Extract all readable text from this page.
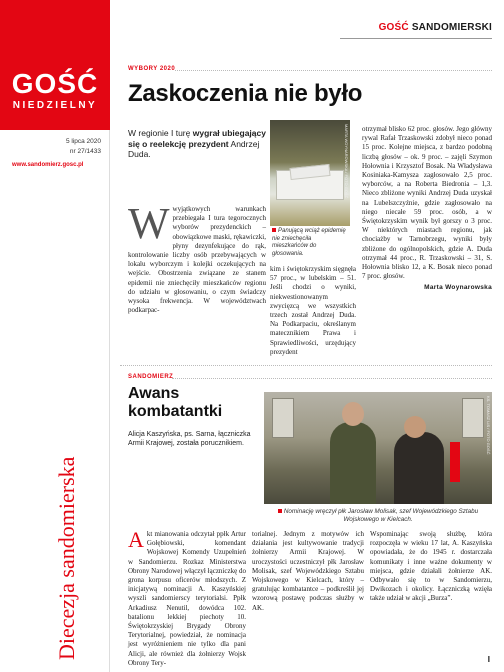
GOŚĆ
NIEDZIELNY
5 lipca 2020
nr 27/1433
www.sandomierz.gosc.pl
Diecezja sandomierska
GOŚĆ SANDOMIERSKI
WYBORY 2020
Zaskoczenia nie było

W regionie I turę wygrał ubiegający się o reelekcję prezydent Andrzej Duda.	MARTA WOYNAROWSKA / FOTO GOŚĆ

Panującą wciąż epidemię nie zniechęciła mieszkańców do głosowania.

Wwyjątkowych warunkach przebiegała I tura tegorocznych wyborów prezydenckich – obowiązkowe maski, rękawiczki, płyny dezynfekujące do rąk, kontrolowanie liczby osób przebywających w lokalu wyborczym i kolejki oczekujących na wejście. Obostrzenia związane ze stanem epidemii nie zniechęciły mieszkańców regionu do udziału w głosowaniu, o czym świadczy wysoka frekwencja. W województwach podkarpac-
kim i świętokrzyskim sięgnęła 57 proc., w lubelskim – 51. Jeśli chodzi o wyniki, niekwestionowanym zwycięzcą we wszystkich trzech został Andrzej Duda. Na Podkarpaciu, określanym matecznikiem Prawa i Sprawiedliwości, urzędujący prezydent
otrzymał blisko 62 proc. głosów. Jego główny rywal Rafał Trzaskowski zdobył nieco ponad 15 proc. Kolejne miejsca, z bardzo podobną liczbą głosów – ok. 9 proc. – zajęli Szymon Hołownia i Krzysztof Bosak. Na Władysława Kosiniaka-Kamysza zagłosowało 2,5 proc. wyborców, a na Roberta Biedronia – 1,3. Nieco zbliżone wyniki Andrzej Duda uzyskał na Lubelszczyźnie, gdzie zagłosowało na niego niecałe 59 proc. osób, a w Świętokrzyskim wynik był gorszy o 3 proc. W niektórych miastach regionu, jak chociażby w Tarnobrzegu, wyniki były zbliżone do ogólnopolskich, gdzie A. Duda otrzymał 44 proc., R. Trzaskowski – 31, S. Hołownia blisko 12, a K. Bosak nieco ponad 7 proc. głosów.
Marta Woynarowska
SANDOMIERZ
Awans kombatantki

Alicja Kaszyńska, ps. Sarna, łączniczka Armii Krajowej, została porucznikiem.	KS. TOMASZ LIS / FOTO GOŚĆ

Nominację wręczył płk Jarosław Molisak, szef Wojewódzkiego Sztabu Wojskowego w Kielcach.

Akt mianowania odczytał ppłk Artur Gołębiowski, komendant Wojskowej Komendy Uzupełnień w Sandomierzu. Rozkaz Ministerstwa Obrony Narodowej włączył łączniczkę do grona korpusu oficerów młodszych. Z inicjatywą nominacji A. Kaszyńskiej wyszli sandomierscy terytorialsi. Ppłk Arkadiusz Nenutil, dowódca 102. batalionu lekkiej piechoty 10. Świętokrzyskiej Brygady Obrony Terytorialnej, powiedział, że nominacja jest wyróżnieniem nie tylko dla pani Alicji, ale również dla żołnierzy Wojsk Obrony Tery-
torialnej. Jednym z motywów ich działania jest kultywowanie tradycji żołnierzy Armii Krajowej. W uroczystości uczestniczył płk Jarosław Molisak, szef Wojewódzkiego Sztabu Wojskowego w Kielcach, który – gratulując kombatantce – podkreślił jej wzorową postawę podczas służby w AK.
Wspominając swoją służbę, która rozpoczęła w wieku 17 lat, A. Kaszyńska opowiadała, że do 1945 r. dostarczała komunikaty i inne ważne dokumenty w miejsca, gdzie działali żołnierze AK. Odbywało się to w Sandomierzu, Dwikozach i okolicy. Łączniczką wzięła także udział w akcji „Burza”.
I
